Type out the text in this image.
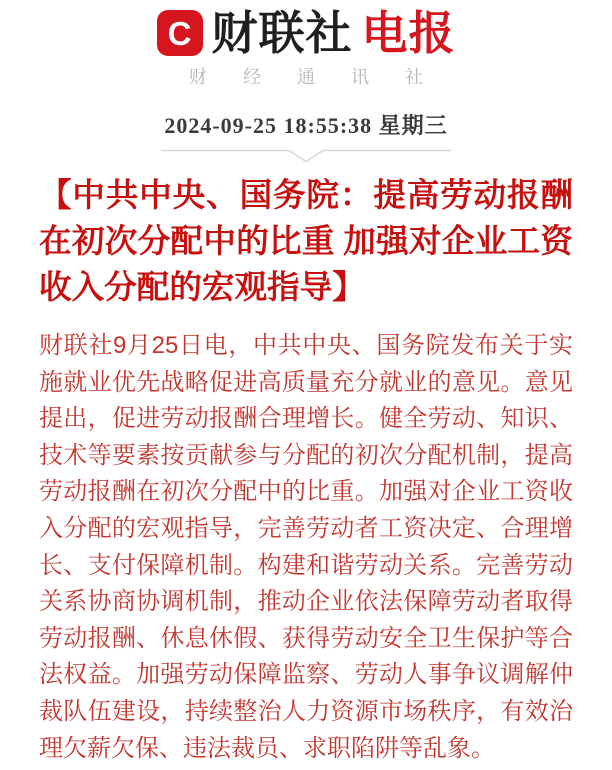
C 财联社 电报
财经通讯社
2024-09-25 18:55:38 星期三
【中共中央、国务院：提高劳动报酬在初次分配中的比重 加强对企业工资收入分配的宏观指导】

财联社9月25日电，中共中央、国务院发布关于实施就业优先战略促进高质量充分就业的意见。意见提出，促进劳动报酬合理增长。健全劳动、知识、技术等要素按贡献参与分配的初次分配机制，提高劳动报酬在初次分配中的比重。加强对企业工资收入分配的宏观指导，完善劳动者工资决定、合理增长、支付保障机制。构建和谐劳动关系。完善劳动关系协商协调机制，推动企业依法保障劳动者取得劳动报酬、休息休假、获得劳动安全卫生保护等合法权益。加强劳动保障监察、劳动人事争议调解仲裁队伍建设，持续整治人力资源市场秩序，有效治理欠薪欠保、违法裁员、求职陷阱等乱象。
